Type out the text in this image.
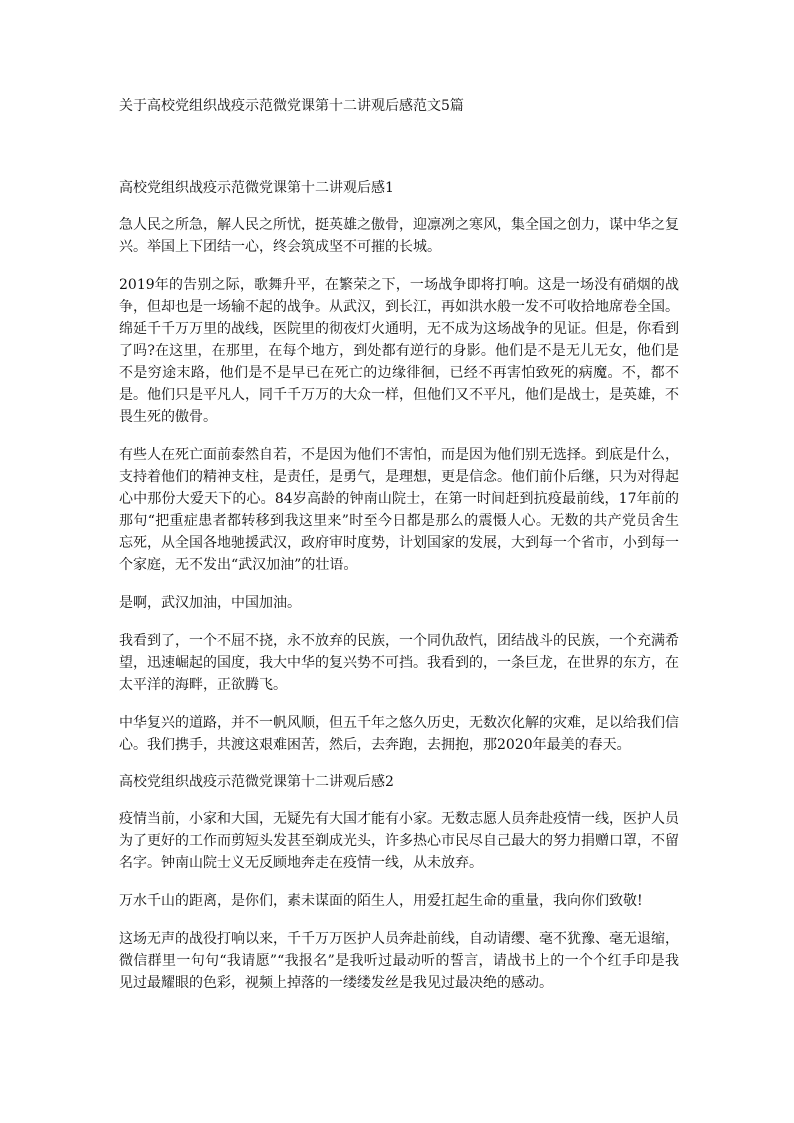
关于高校党组织战疫示范微党课第十二讲观后感范文5篇
高校党组织战疫示范微党课第十二讲观后感1

急人民之所急，解人民之所忧，挺英雄之傲骨，迎凛冽之寒风，集全国之创力，谋中华之复兴。举国上下团结一心，终会筑成坚不可摧的长城。

2019年的告别之际，歌舞升平，在繁荣之下，一场战争即将打响。这是一场没有硝烟的战争，但却也是一场输不起的战争。从武汉，到长江，再如洪水般一发不可收拾地席卷全国。绵延千千万万里的战线，医院里的彻夜灯火通明，无不成为这场战争的见证。但是，你看到了吗?在这里，在那里，在每个地方，到处都有逆行的身影。他们是不是无儿无女，他们是不是穷途末路，他们是不是早已在死亡的边缘徘徊，已经不再害怕致死的病魔。不，都不是。他们只是平凡人，同千千万万的大众一样，但他们又不平凡，他们是战士，是英雄，不畏生死的傲骨。

有些人在死亡面前泰然自若，不是因为他们不害怕，而是因为他们别无选择。到底是什么，支持着他们的精神支柱，是责任，是勇气，是理想，更是信念。他们前仆后继，只为对得起心中那份大爱天下的心。84岁高龄的钟南山院士，在第一时间赶到抗疫最前线，17年前的那句“把重症患者都转移到我这里来”时至今日都是那么的震慑人心。无数的共产党员舍生忘死，从全国各地驰援武汉，政府审时度势，计划国家的发展，大到每一个省市，小到每一个家庭，无不发出“武汉加油”的壮语。

是啊，武汉加油，中国加油。

我看到了，一个不屈不挠，永不放弃的民族，一个同仇敌忾，团结战斗的民族，一个充满希望，迅速崛起的国度，我大中华的复兴势不可挡。我看到的，一条巨龙，在世界的东方，在太平洋的海畔，正欲腾飞。

中华复兴的道路，并不一帆风顺，但五千年之悠久历史，无数次化解的灾难，足以给我们信心。我们携手，共渡这艰难困苦，然后，去奔跑，去拥抱，那2020年最美的春天。

高校党组织战疫示范微党课第十二讲观后感2

疫情当前，小家和大国，无疑先有大国才能有小家。无数志愿人员奔赴疫情一线，医护人员为了更好的工作而剪短头发甚至剃成光头，许多热心市民尽自己最大的努力捐赠口罩，不留名字。钟南山院士义无反顾地奔走在疫情一线，从未放弃。

万水千山的距离，是你们，素未谋面的陌生人，用爱扛起生命的重量，我向你们致敬!

这场无声的战役打响以来，千千万万医护人员奔赴前线，自动请缨、毫不犹豫、毫无退缩，微信群里一句句“我请愿”“我报名”是我听过最动听的誓言，请战书上的一个个红手印是我见过最耀眼的色彩，视频上掉落的一缕缕发丝是我见过最决绝的感动。
